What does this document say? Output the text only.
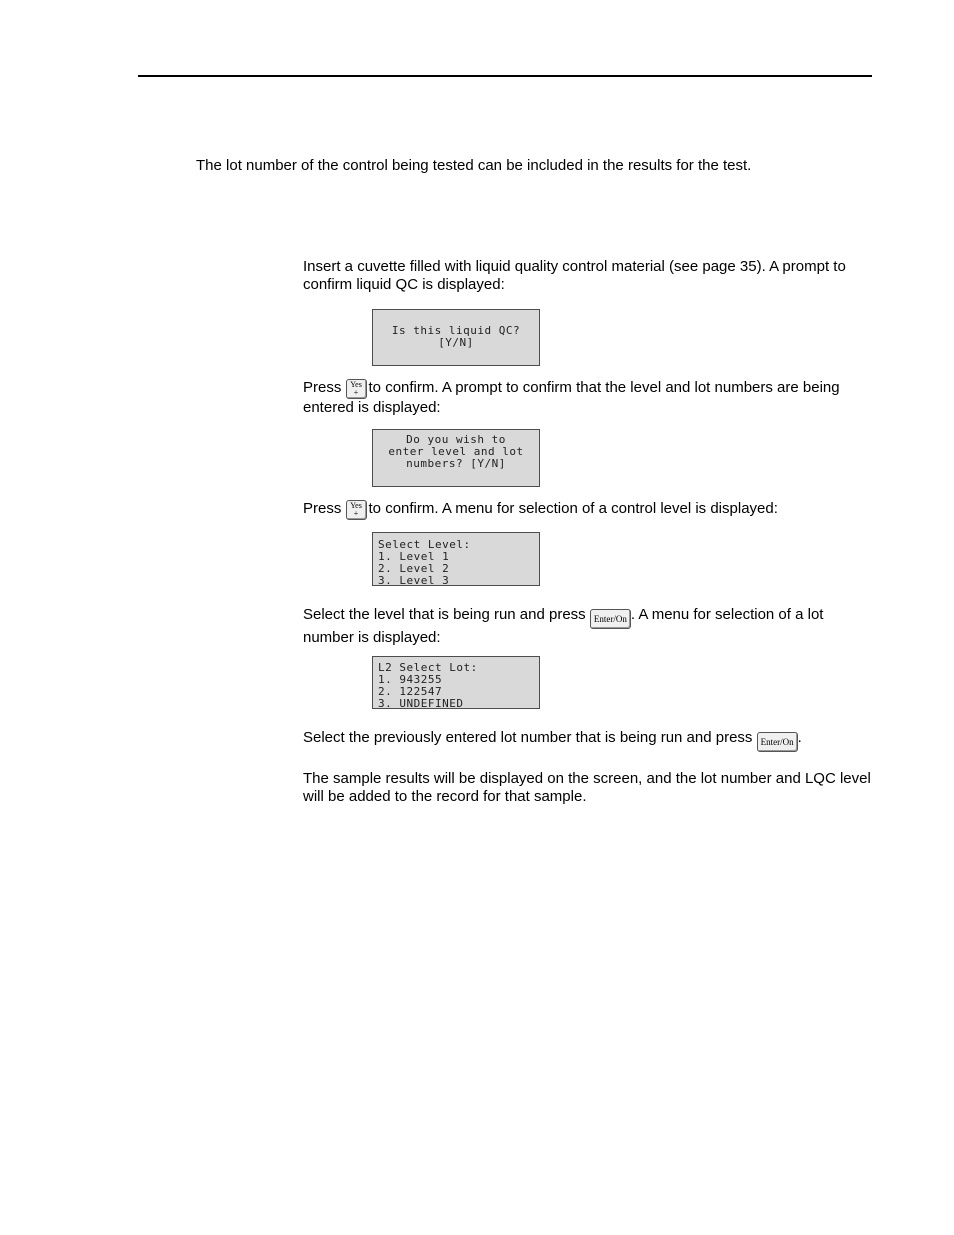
The lot number of the control being tested can be included in the results for the test.

Insert a cuvette filled with liquid quality control material (see page 35). A prompt to confirm liquid QC is displayed:

Is this liquid QC?
[Y/N]

Press	Yes
+ to confirm. A prompt to confirm that the level and lot numbers are being entered is displayed:

Do you wish to
enter level and lot
numbers? [Y/N]

Press	Yes
+ to confirm. A menu for selection of a control level is displayed:

Select Level:
1. Level 1
2. Level 2
3. Level 3

Select the level that is being run and press Enter/On . A menu for selection of a lot number is displayed:

L2 Select Lot:
1. 943255
2. 122547
3. UNDEFINED

Select the previously entered lot number that is being run and press Enter/On .

The sample results will be displayed on the screen, and the lot number and LQC level will be added to the record for that sample.
